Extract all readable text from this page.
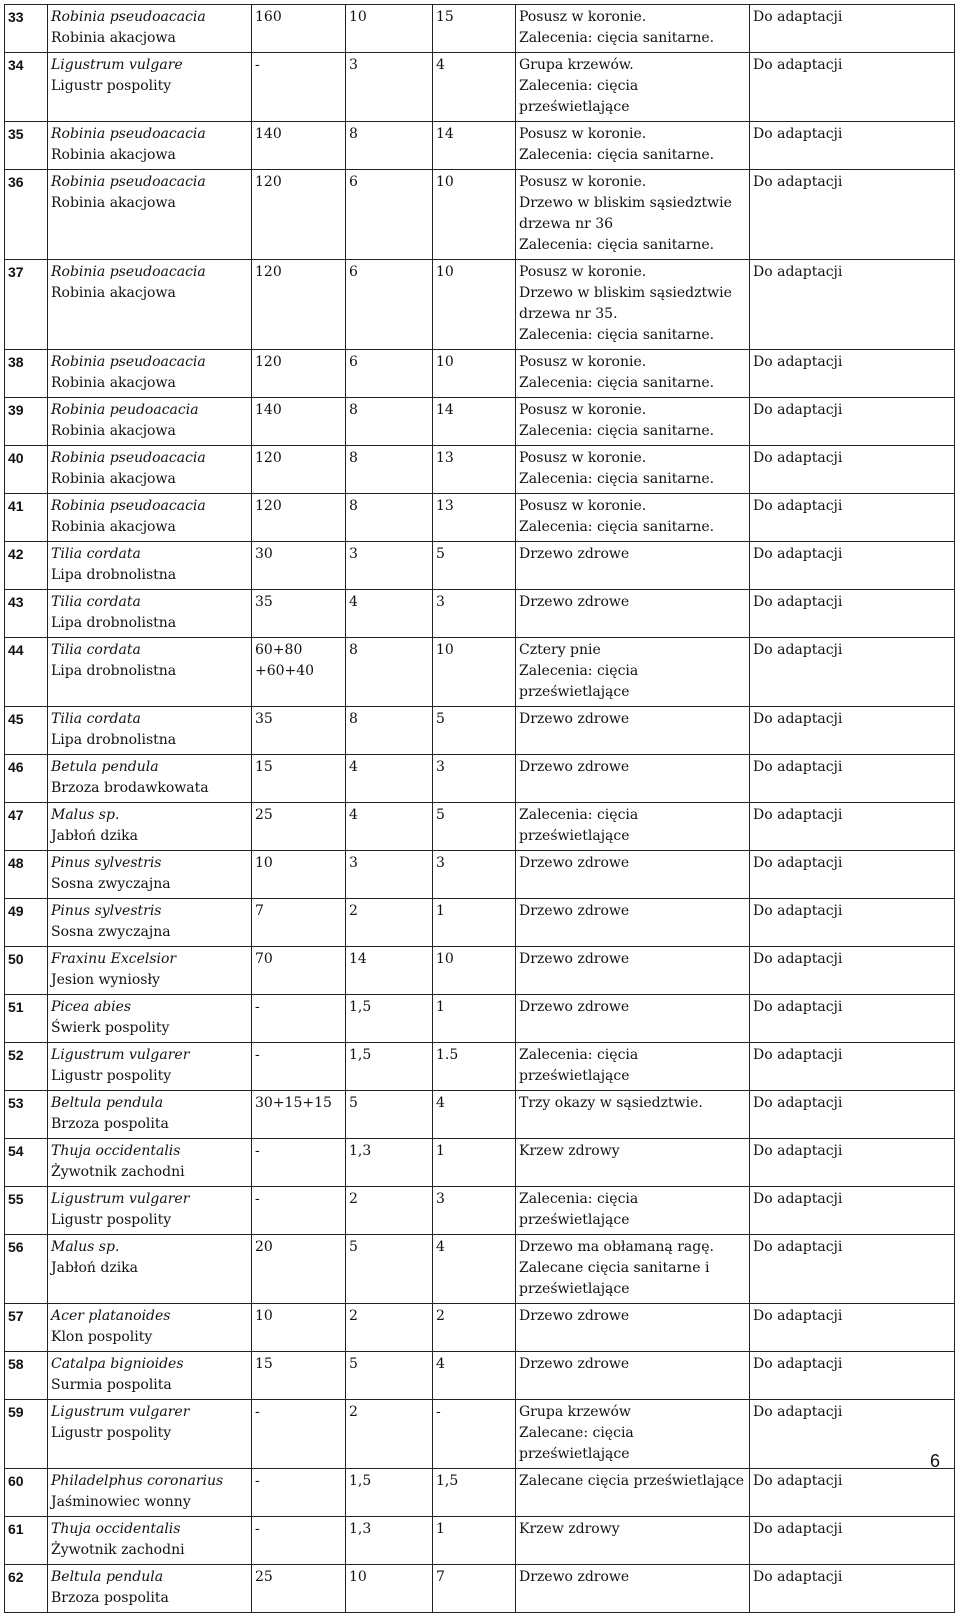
33	Robinia pseudoacacia
Robinia akacjowa	160	10	15	Posusz w koronie.
Zalecenia: cięcia sanitarne.	Do adaptacji
34	Ligustrum vulgare
Ligustr pospolity	-	3	4	Grupa krzewów.
Zalecenia: cięcia
prześwietlające	Do adaptacji
35	Robinia pseudoacacia
Robinia akacjowa	140	8	14	Posusz w koronie.
Zalecenia: cięcia sanitarne.	Do adaptacji
36	Robinia pseudoacacia
Robinia akacjowa	120	6	10	Posusz w koronie.
Drzewo w bliskim sąsiedztwie
drzewa nr 36
Zalecenia: cięcia sanitarne.	Do adaptacji
37	Robinia pseudoacacia
Robinia akacjowa	120	6	10	Posusz w koronie.
Drzewo w bliskim sąsiedztwie
drzewa nr 35.
Zalecenia: cięcia sanitarne.	Do adaptacji
38	Robinia pseudoacacia
Robinia akacjowa	120	6	10	Posusz w koronie.
Zalecenia: cięcia sanitarne.	Do adaptacji
39	Robinia peudoacacia
Robinia akacjowa	140	8	14	Posusz w koronie.
Zalecenia: cięcia sanitarne.	Do adaptacji
40	Robinia pseudoacacia
Robinia akacjowa	120	8	13	Posusz w koronie.
Zalecenia: cięcia sanitarne.	Do adaptacji
41	Robinia pseudoacacia
Robinia akacjowa	120	8	13	Posusz w koronie.
Zalecenia: cięcia sanitarne.	Do adaptacji
42	Tilia cordata
Lipa drobnolistna	30	3	5	Drzewo zdrowe	Do adaptacji
43	Tilia cordata
Lipa drobnolistna	35	4	3	Drzewo zdrowe	Do adaptacji
44	Tilia cordata
Lipa drobnolistna	60+80 +60+40	8	10	Cztery pnie
Zalecenia: cięcia
prześwietlające	Do adaptacji
45	Tilia cordata
Lipa drobnolistna	35	8	5	Drzewo zdrowe	Do adaptacji
46	Betula pendula
Brzoza brodawkowata	15	4	3	Drzewo zdrowe	Do adaptacji
47	Malus sp.
Jabłoń dzika	25	4	5	Zalecenia: cięcia
prześwietlające	Do adaptacji
48	Pinus sylvestris
Sosna zwyczajna	10	3	3	Drzewo zdrowe	Do adaptacji
49	Pinus sylvestris
Sosna zwyczajna	7	2	1	Drzewo zdrowe	Do adaptacji
50	Fraxinu Excelsior
Jesion wyniosły	70	14	10	Drzewo zdrowe	Do adaptacji
51	Picea abies
Świerk pospolity	-	1,5	1	Drzewo zdrowe	Do adaptacji
52	Ligustrum vulgarer
Ligustr pospolity	-	1,5	1.5	Zalecenia: cięcia
prześwietlające	Do adaptacji
53	Beltula pendula
Brzoza pospolita	30+15+15	5	4	Trzy okazy w sąsiedztwie.	Do adaptacji
54	Thuja occidentalis
Żywotnik zachodni	-	1,3	1	Krzew zdrowy	Do adaptacji
55	Ligustrum vulgarer
Ligustr pospolity	-	2	3	Zalecenia: cięcia
prześwietlające	Do adaptacji
56	Malus sp.
Jabłoń dzika	20	5	4	Drzewo ma obłamaną ragę.
Zalecane cięcia sanitarne i
prześwietlające	Do adaptacji
57	Acer platanoides
Klon pospolity	10	2	2	Drzewo zdrowe	Do adaptacji
58	Catalpa bignioides
Surmia pospolita	15	5	4	Drzewo zdrowe	Do adaptacji
59	Ligustrum vulgarer
Ligustr pospolity	-	2	-	Grupa krzewów
Zalecane: cięcia prześwietlające	Do adaptacji
60	Philadelphus coronarius
Jaśminowiec wonny	-	1,5	1,5	Zalecane cięcia prześwietlające	Do adaptacji
61	Thuja occidentalis
Żywotnik zachodni	-	1,3	1	Krzew zdrowy	Do adaptacji
62	Beltula pendula
Brzoza pospolita	25	10	7	Drzewo zdrowe	Do adaptacji
6
